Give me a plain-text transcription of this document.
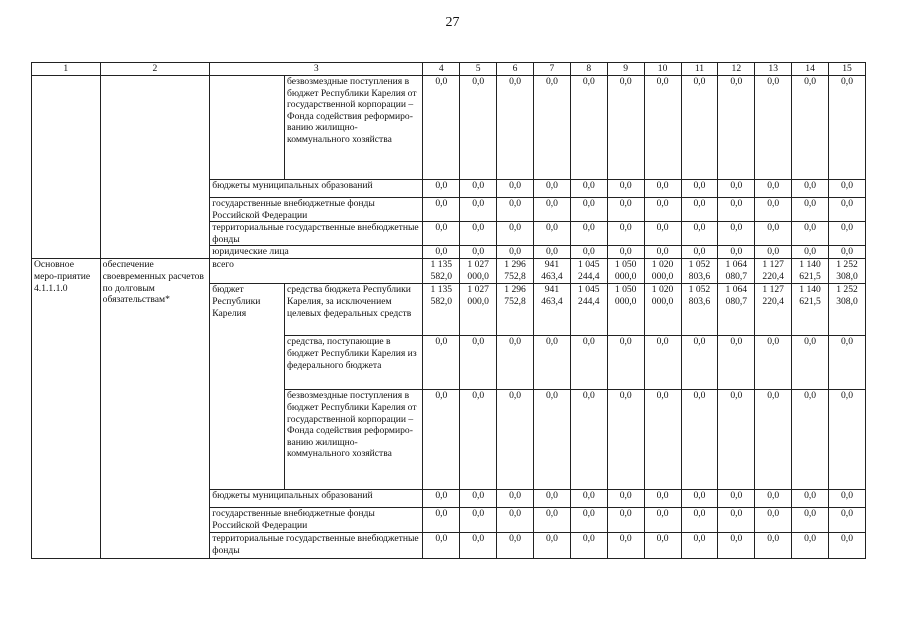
27
1	2	3		4	5	6	7	8	9	10	11	12	13	14	15
			безвозмездные поступления в бюджет Республики Карелия от государственной корпорации – Фонда содействия реформиро-ванию жилищно-коммунального хозяйства	0,0	0,0	0,0	0,0	0,0	0,0	0,0	0,0	0,0	0,0	0,0	0,0
		бюджеты муниципальных образований		0,0	0,0	0,0	0,0	0,0	0,0	0,0	0,0	0,0	0,0	0,0	0,0
		государственные внебюджетные фонды Российской Федерации		0,0	0,0	0,0	0,0	0,0	0,0	0,0	0,0	0,0	0,0	0,0	0,0
		территориальные государственные внебюджетные фонды		0,0	0,0	0,0	0,0	0,0	0,0	0,0	0,0	0,0	0,0	0,0	0,0
		юридические лица		0,0	0,0	0,0	0,0	0,0	0,0	0,0	0,0	0,0	0,0	0,0	0,0
Основное меро-приятие 4.1.1.1.0	обеспечение своевременных расчетов по долговым обязательствам*	всего		1 135 582,0	1 027 000,0	1 296 752,8	941 463,4	1 045 244,4	1 050 000,0	1 020 000,0	1 052 803,6	1 064 080,7	1 127 220,4	1 140 621,5	1 252 308,0
		бюджет Республики Карелия	средства бюджета Республики Карелия, за исключением целевых федеральных средств	1 135 582,0	1 027 000,0	1 296 752,8	941 463,4	1 045 244,4	1 050 000,0	1 020 000,0	1 052 803,6	1 064 080,7	1 127 220,4	1 140 621,5	1 252 308,0
			средства, поступающие в бюджет Республики Карелия из федерального бюджета	0,0	0,0	0,0	0,0	0,0	0,0	0,0	0,0	0,0	0,0	0,0	0,0
			безвозмездные поступления в бюджет Республики Карелия от государственной корпорации – Фонда содействия реформиро-ванию жилищно-коммунального хозяйства	0,0	0,0	0,0	0,0	0,0	0,0	0,0	0,0	0,0	0,0	0,0	0,0
		бюджеты муниципальных образований		0,0	0,0	0,0	0,0	0,0	0,0	0,0	0,0	0,0	0,0	0,0	0,0
		государственные внебюджетные фонды Российской Федерации		0,0	0,0	0,0	0,0	0,0	0,0	0,0	0,0	0,0	0,0	0,0	0,0
		территориальные государственные внебюджетные фонды		0,0	0,0	0,0	0,0	0,0	0,0	0,0	0,0	0,0	0,0	0,0	0,0
